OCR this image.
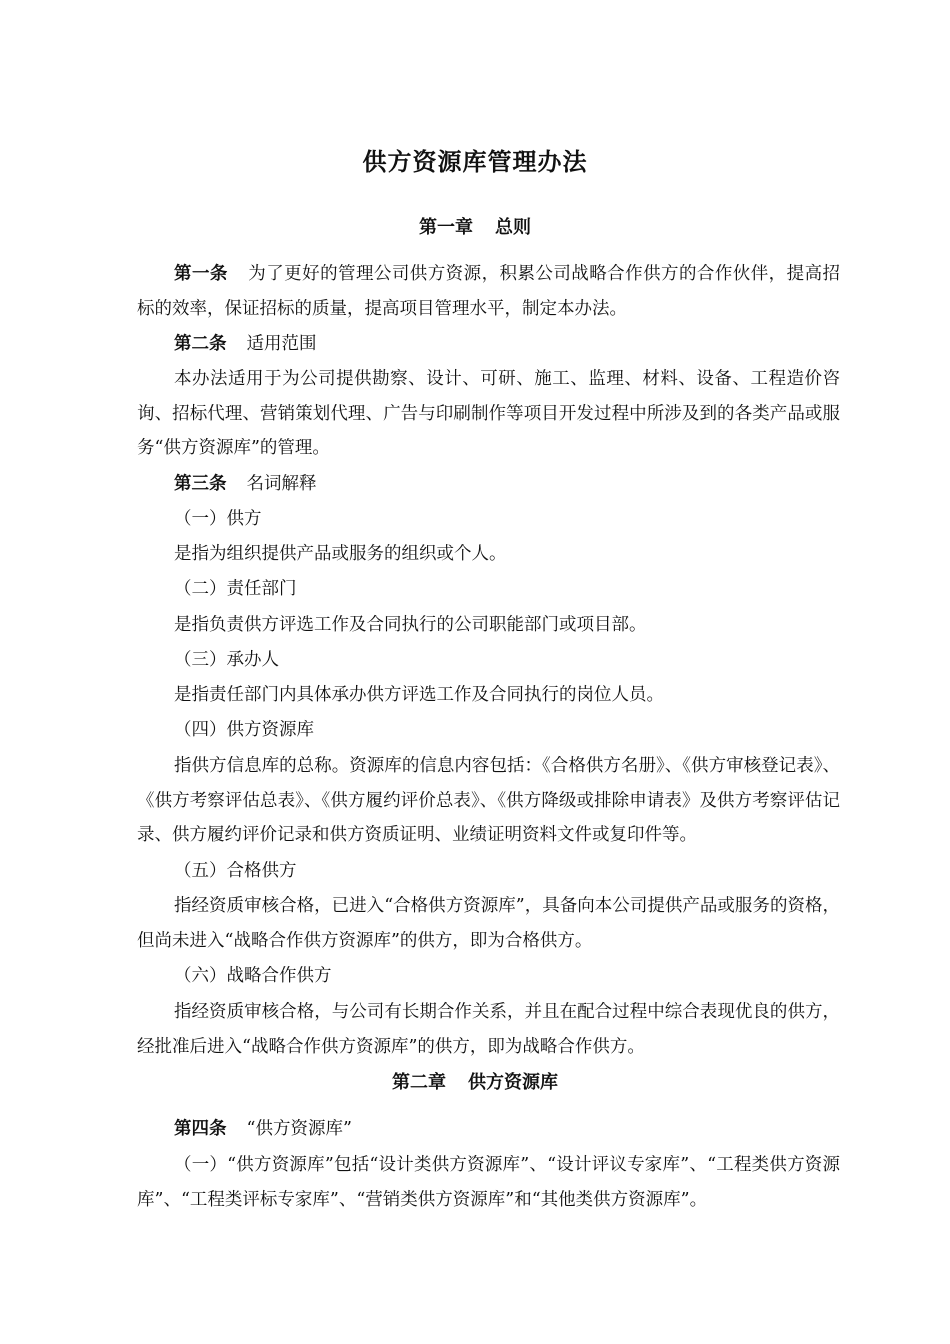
供方资源库管理办法
第一章 总则

第一条 为了更好的管理公司供方资源，积累公司战略合作供方的合作伙伴，提高招标的效率，保证招标的质量，提高项目管理水平，制定本办法。

第二条 适用范围

本办法适用于为公司提供勘察、设计、可研、施工、监理、材料、设备、工程造价咨询、招标代理、营销策划代理、广告与印刷制作等项目开发过程中所涉及到的各类产品或服务“供方资源库”的管理。

第三条 名词解释

（一）供方

是指为组织提供产品或服务的组织或个人。

（二）责任部门

是指负责供方评选工作及合同执行的公司职能部门或项目部。

（三）承办人

是指责任部门内具体承办供方评选工作及合同执行的岗位人员。

（四）供方资源库

指供方信息库的总称。资源库的信息内容包括：《合格供方名册》、《供方审核登记表》、《供方考察评估总表》、《供方履约评价总表》、《供方降级或排除申请表》及供方考察评估记录、供方履约评价记录和供方资质证明、业绩证明资料文件或复印件等。

（五）合格供方

指经资质审核合格，已进入“合格供方资源库”，具备向本公司提供产品或服务的资格，但尚未进入“战略合作供方资源库”的供方，即为合格供方。

（六）战略合作供方

指经资质审核合格，与公司有长期合作关系，并且在配合过程中综合表现优良的供方，经批准后进入“战略合作供方资源库”的供方，即为战略合作供方。

第二章 供方资源库

第四条 “供方资源库”

（一）“供方资源库”包括“设计类供方资源库”、“设计评议专家库”、“工程类供方资源库”、“工程类评标专家库”、“营销类供方资源库”和“其他类供方资源库”。
